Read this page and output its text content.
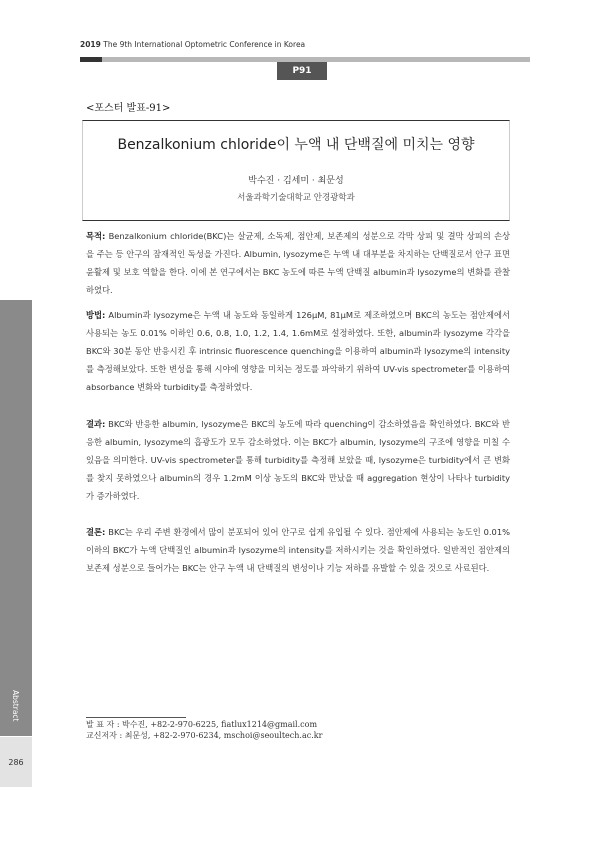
2019 The 9th International Optometric Conference in Korea
P91
<포스터 발표-91>
Benzalkonium chloride이 누액 내 단백질에 미치는 영향
박수진 · 김세미 · 최문성
서울과학기술대학교 안경광학과

목적: Benzalkonium chloride(BKC)는 살균제, 소독제, 점안제, 보존제의 성분으로 각막 상피 및 결막 상피의 손상을 주는 등 안구의 잠재적인 독성을 가진다. Albumin, lysozyme은 누액 내 대부분을 차지하는 단백질로서 안구 표면 윤활제 및 보호 역할을 한다. 이에 본 연구에서는 BKC 농도에 따른 누액 단백질 albumin과 lysozyme의 변화를 관찰하였다.

방법: Albumin과 lysozyme은 누액 내 농도와 동일하게 126μM, 81μM로 제조하였으며 BKC의 농도는 점안제에서 사용되는 농도 0.01% 이하인 0.6, 0.8, 1.0, 1.2, 1.4, 1.6mM로 설정하였다. 또한, albumin과 lysozyme 각각을 BKC와 30분 동안 반응시킨 후 intrinsic fluorescence quenching을 이용하여 albumin과 lysozyme의 intensity를 측정해보았다. 또한 변성을 통해 시야에 영향을 미치는 정도를 파악하기 위하여 UV-vis spectrometer를 이용하여 absorbance 변화와 turbidity를 측정하였다.

결과: BKC와 반응한 albumin, lysozyme은 BKC의 농도에 따라 quenching이 감소하였음을 확인하였다. BKC와 반응한 albumin, lysozyme의 흡광도가 모두 감소하였다. 이는 BKC가 albumin, lysozyme의 구조에 영향을 미칠 수 있음을 의미한다. UV-vis spectrometer를 통해 turbidity를 측정해 보았을 때, lysozyme은 turbidity에서 큰 변화를 찾지 못하였으나 albumin의 경우 1.2mM 이상 농도의 BKC와 만났을 때 aggregation 현상이 나타나 turbidity가 증가하였다.

결론: BKC는 우리 주변 환경에서 많이 분포되어 있어 안구로 쉽게 유입될 수 있다. 점안제에 사용되는 농도인 0.01%이하의 BKC가 누액 단백질인 albumin과 lysozyme의 intensity를 저하시키는 것을 확인하였다. 일반적인 점안제의 보존제 성분으로 들어가는 BKC는 안구 누액 내 단백질의 변성이나 기능 저하를 유발할 수 있을 것으로 사료된다.

발 표 자 : 박수진, +82-2-970-6225, fiatlux1214@gmail.com
교신저자 : 최문성, +82-2-970-6234, mschoi@seoultech.ac.kr
Abstract
286
